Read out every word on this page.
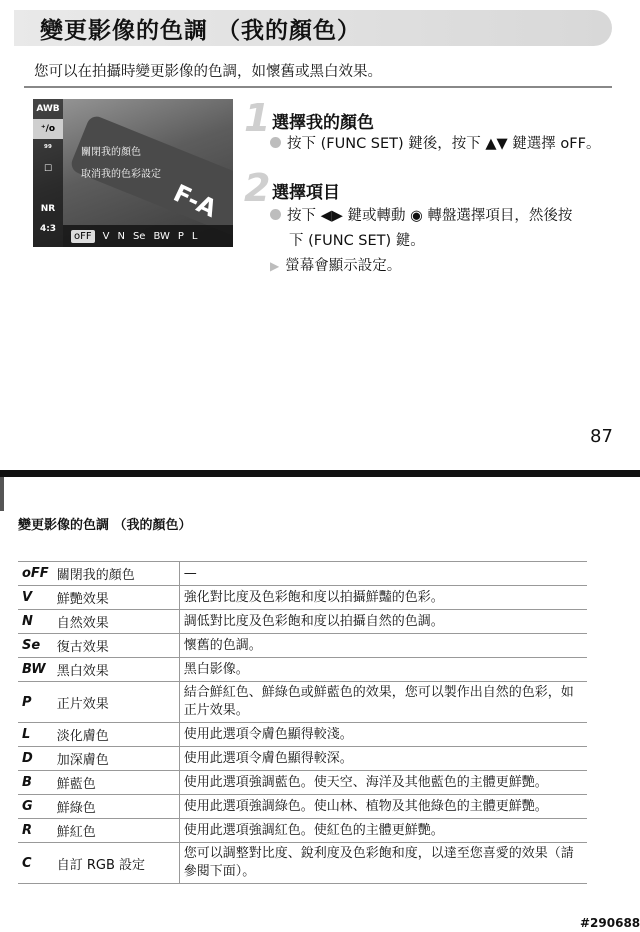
變更影像的色調 （我的顏色）
您可以在拍攝時變更影像的色調，如懷舊或黑白效果。
F-A
AWB
⁺/ᴏ
⁹⁹
☐
NR
4:3
關閉我的顏色
取消我的色彩設定
ᴏFF	V N Se BW P L
1 選擇我的顏色
按下 (FUNC SET) 鍵後，按下 ▲▼ 鍵選擇 ᴏFF。
2 選擇項目
按下 ◀▶ 鍵或轉動 ◉ 轉盤選擇項目，然後按
下 (FUNC SET) 鍵。
▶ 螢幕會顯示設定。
87
變更影像的色調 （我的顏色）
ᴏFF	關閉我的顏色	—
V	鮮艷效果	強化對比度及色彩飽和度以拍攝鮮豔的色彩。
N	自然效果	調低對比度及色彩飽和度以拍攝自然的色調。
Se	復古效果	懷舊的色調。
BW	黑白效果	黑白影像。
P	正片效果	結合鮮紅色、鮮綠色或鮮藍色的效果，您可以製作出自然的色彩，如正片效果。
L	淡化膚色	使用此選項令膚色顯得較淺。
D	加深膚色	使用此選項令膚色顯得較深。
B	鮮藍色	使用此選項強調藍色。使天空、海洋及其他藍色的主體更鮮艷。
G	鮮綠色	使用此選項強調綠色。使山林、植物及其他綠色的主體更鮮艷。
R	鮮紅色	使用此選項強調紅色。使紅色的主體更鮮艷。
C	自訂 RGB 設定	您可以調整對比度、銳利度及色彩飽和度，以達至您喜愛的效果（請參閱下面）。
#290688
